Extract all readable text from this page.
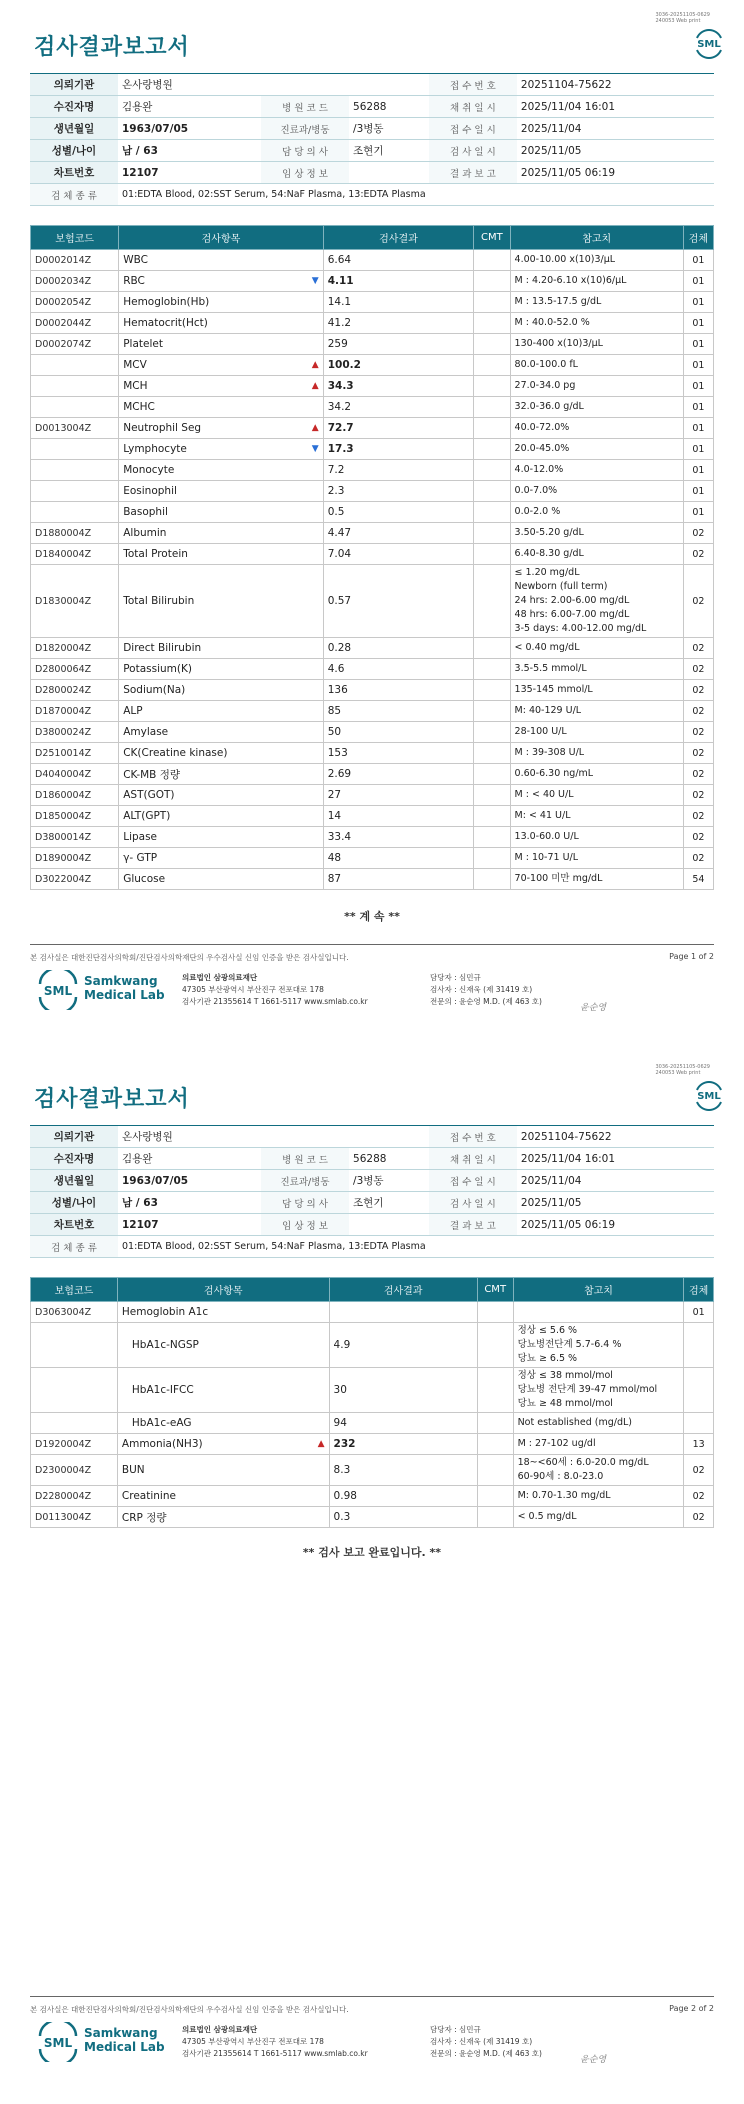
3036-20251105-0629
240053 Web print
검사결과보고서	SML
의뢰기관	온사랑병원			접 수 번 호	20251104-75622
수진자명	김용완	병 원 코 드	56288	채 취 일 시	2025/11/04 16:01
생년월일	1963/07/05	진료과/병동	/3병동	접 수 일 시	2025/11/04
성별/나이	남 / 63	담 당 의 사	조현기	검 사 일 시	2025/11/05
차트번호	12107	임 상 정 보		결 과 보 고	2025/11/05 06:19
검 체 종 류	01:EDTA Blood, 02:SST Serum, 54:NaF Plasma, 13:EDTA Plasma				
보험코드	검사항목	검사결과	CMT	참고치	검체
D0002014Z	WBC	6.64		4.00-10.00 x(10)3/μL	01
D0002034Z	RBC ▼	4.11		M : 4.20-6.10 x(10)6/μL	01
D0002054Z	Hemoglobin(Hb)	14.1		M : 13.5-17.5 g/dL	01
D0002044Z	Hematocrit(Hct)	41.2		M : 40.0-52.0 %	01
D0002074Z	Platelet	259		130-400 x(10)3/μL	01
	MCV ▲	100.2		80.0-100.0 fL	01
	MCH ▲	34.3		27.0-34.0 pg	01
	MCHC	34.2		32.0-36.0 g/dL	01
D0013004Z	Neutrophil Seg ▲	72.7		40.0-72.0%	01
	Lymphocyte ▼	17.3		20.0-45.0%	01
	Monocyte	7.2		4.0-12.0%	01
	Eosinophil	2.3		0.0-7.0%	01
	Basophil	0.5		0.0-2.0 %	01
D1880004Z	Albumin	4.47		3.50-5.20 g/dL	02
D1840004Z	Total Protein	7.04		6.40-8.30 g/dL	02
D1830004Z	Total Bilirubin	0.57		≤ 1.20 mg/dL
Newborn (full term)
24 hrs: 2.00-6.00 mg/dL
48 hrs: 6.00-7.00 mg/dL
3-5 days: 4.00-12.00 mg/dL	02
D1820004Z	Direct Bilirubin	0.28		< 0.40 mg/dL	02
D2800064Z	Potassium(K)	4.6		3.5-5.5 mmol/L	02
D2800024Z	Sodium(Na)	136		135-145 mmol/L	02
D1870004Z	ALP	85		M: 40-129 U/L	02
D3800024Z	Amylase	50		28-100 U/L	02
D2510014Z	CK(Creatine kinase)	153		M : 39-308 U/L	02
D4040004Z	CK-MB 정량	2.69		0.60-6.30 ng/mL	02
D1860004Z	AST(GOT)	27		M : < 40 U/L	02
D1850004Z	ALT(GPT)	14		M: < 41 U/L	02
D3800014Z	Lipase	33.4		13.0-60.0 U/L	02
D1890004Z	γ- GTP	48		M : 10-71 U/L	02
D3022004Z	Glucose	87		70-100 미만 mg/dL	54
** 계 속 **
본 검사실은 대한진단검사의학회/진단검사의학재단의 우수검사실 신임 인증을 받은 검사실입니다.	Page 1 of 2
SML
Samkwang
Medical Lab
의료법인 삼광의료재단
47305 부산광역시 부산진구 전포대로 178
검사기관 21355614 T 1661-5117 www.smlab.co.kr
담당자 : 심민규
검사자 : 신재욱 (제 31419 호)
전문의 : 윤순영 M.D. (제 463 호)
윤순영
3036-20251105-0629
240053 Web print
검사결과보고서	SML
의뢰기관	온사랑병원			접 수 번 호	20251104-75622
수진자명	김용완	병 원 코 드	56288	채 취 일 시	2025/11/04 16:01
생년월일	1963/07/05	진료과/병동	/3병동	접 수 일 시	2025/11/04
성별/나이	남 / 63	담 당 의 사	조현기	검 사 일 시	2025/11/05
차트번호	12107	임 상 정 보		결 과 보 고	2025/11/05 06:19
검 체 종 류	01:EDTA Blood, 02:SST Serum, 54:NaF Plasma, 13:EDTA Plasma				
보험코드	검사항목	검사결과	CMT	참고치	검체
D3063004Z	Hemoglobin A1c				01
	HbA1c-NGSP	4.9		정상 ≤ 5.6 %
당뇨병전단계 5.7-6.4 %
당뇨 ≥ 6.5 %	
	HbA1c-IFCC	30		정상 ≤ 38 mmol/mol
당뇨병 전단계 39-47 mmol/mol
당뇨 ≥ 48 mmol/mol	
	HbA1c-eAG	94		Not established (mg/dL)	
D1920004Z	Ammonia(NH3) ▲	232		M : 27-102 ug/dl	13
D2300004Z	BUN	8.3		18~<60세 : 6.0-20.0 mg/dL
60-90세 : 8.0-23.0	02
D2280004Z	Creatinine	0.98		M: 0.70-1.30 mg/dL	02
D0113004Z	CRP 정량	0.3		< 0.5 mg/dL	02
** 검사 보고 완료입니다. **
본 검사실은 대한진단검사의학회/진단검사의학재단의 우수검사실 신임 인증을 받은 검사실입니다.	Page 2 of 2
SML
Samkwang
Medical Lab
의료법인 삼광의료재단
47305 부산광역시 부산진구 전포대로 178
검사기관 21355614 T 1661-5117 www.smlab.co.kr
담당자 : 심민규
검사자 : 신재욱 (제 31419 호)
전문의 : 윤순영 M.D. (제 463 호)
윤순영
